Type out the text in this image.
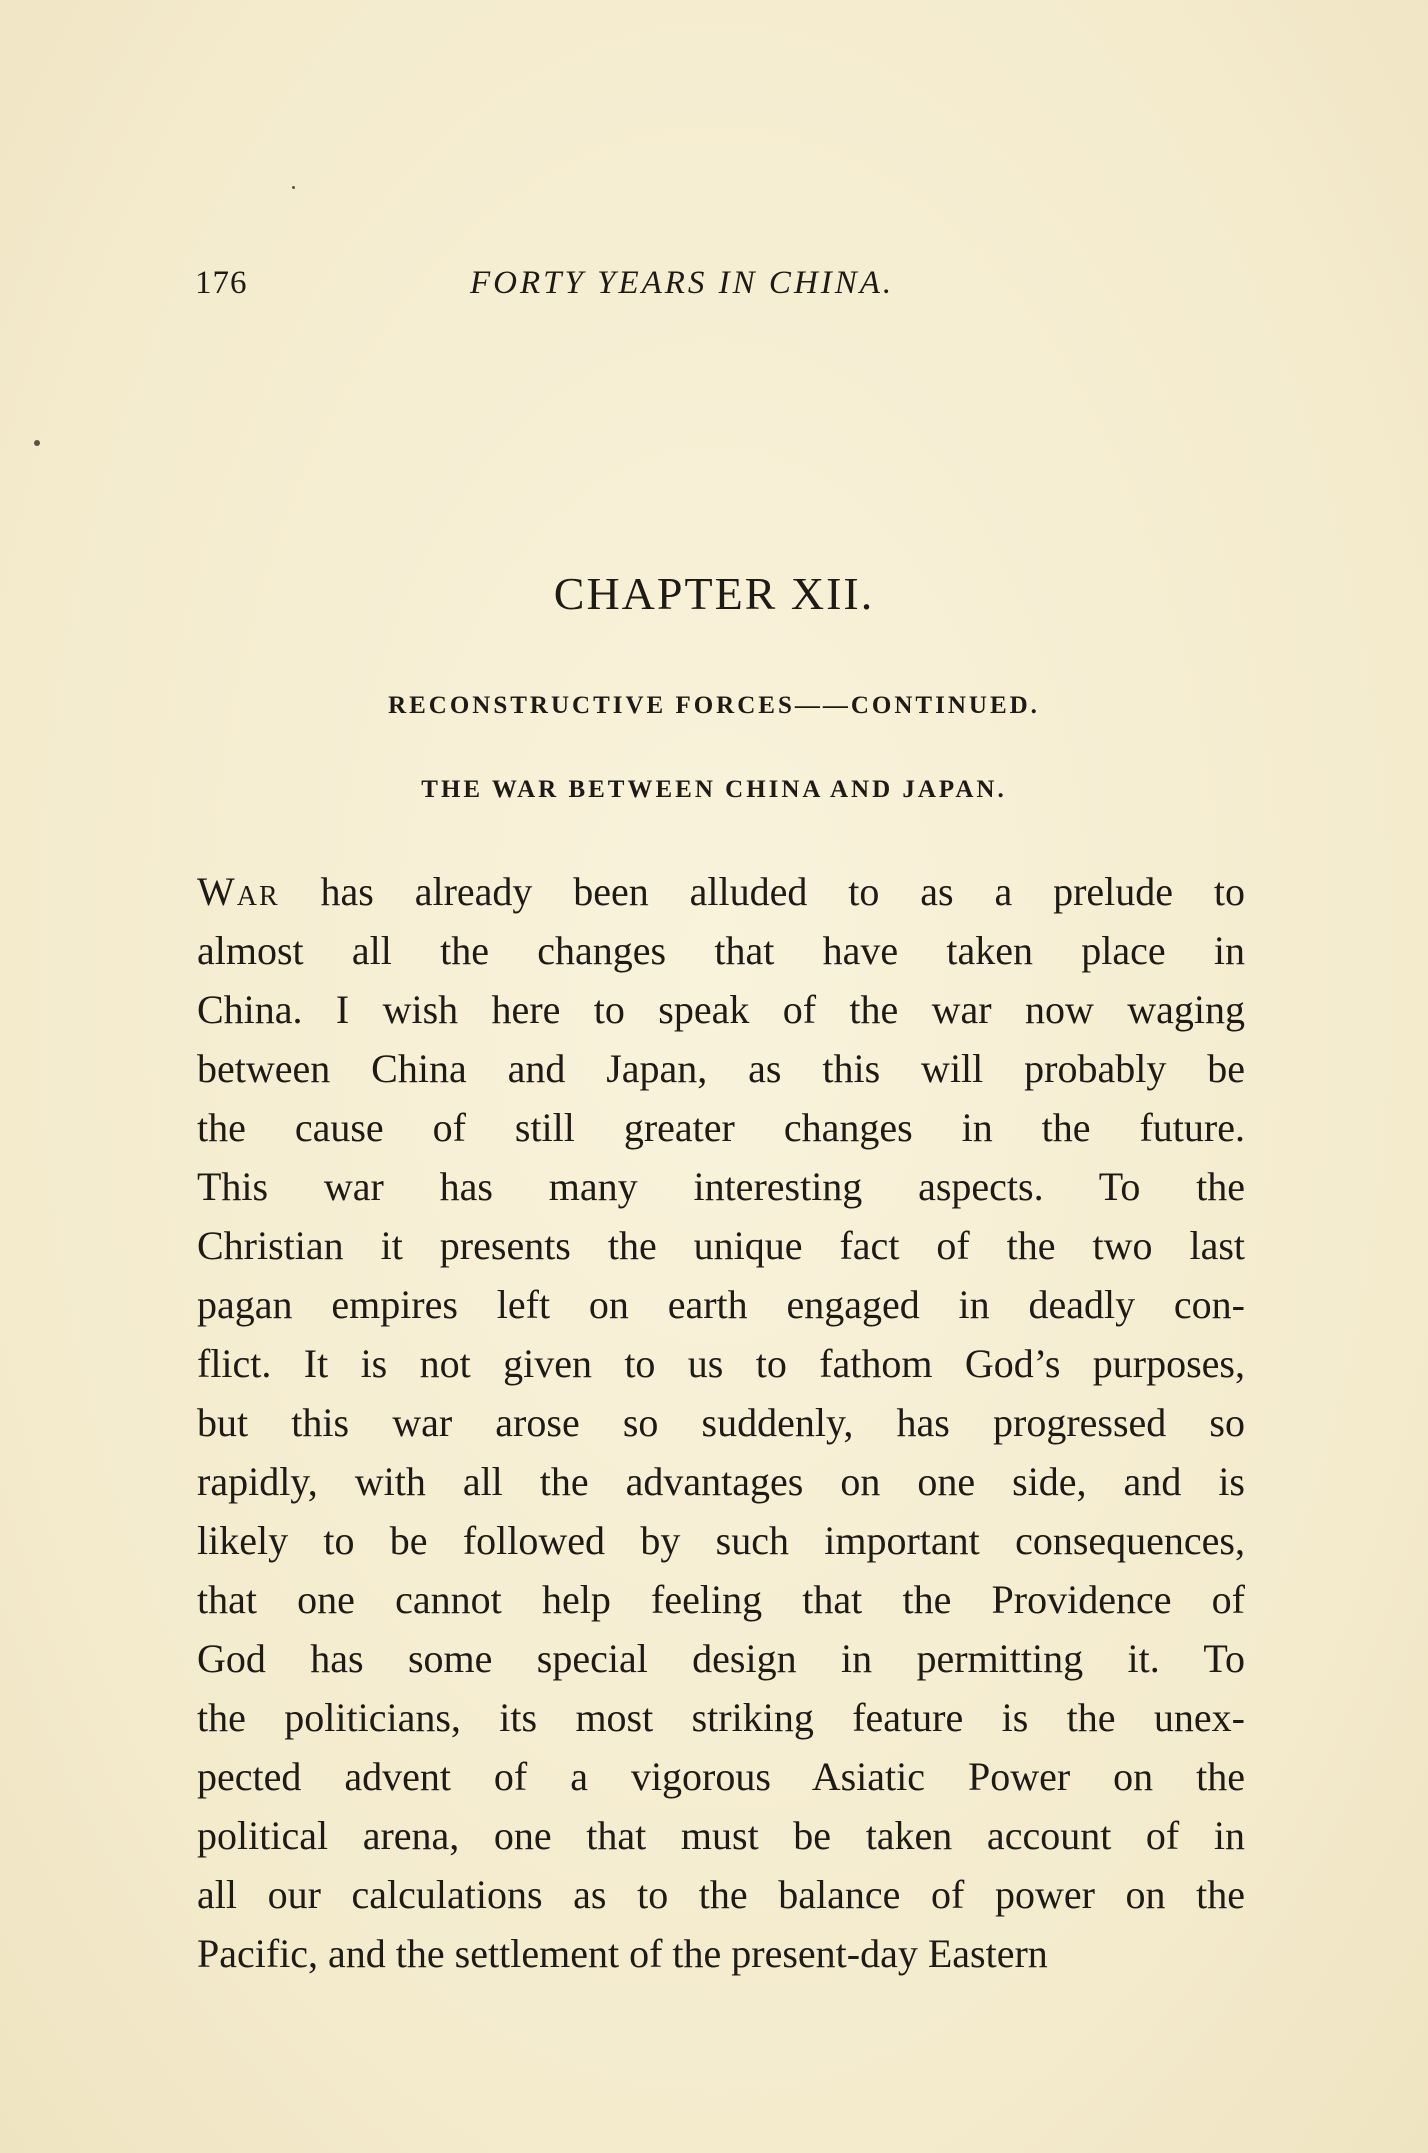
176	FORTY YEARS IN CHINA.
CHAPTER XII.
RECONSTRUCTIVE FORCES——CONTINUED.
THE WAR BETWEEN CHINA AND JAPAN.
War has already been alluded to as a prelude to
almost all the changes that have taken place in
China. I wish here to speak of the war now waging
between China and Japan, as this will probably be
the cause of still greater changes in the future.
This war has many interesting aspects. To the
Christian it presents the unique fact of the two last
pagan empires left on earth engaged in deadly con-
flict. It is not given to us to fathom God’s purposes,
but this war arose so suddenly, has progressed so
rapidly, with all the advantages on one side, and is
likely to be followed by such important consequences,
that one cannot help feeling that the Providence of
God has some special design in permitting it. To
the politicians, its most striking feature is the unex-
pected advent of a vigorous Asiatic Power on the
political arena, one that must be taken account of in
all our calculations as to the balance of power on the
Pacific, and the settlement of the present-day Eastern
